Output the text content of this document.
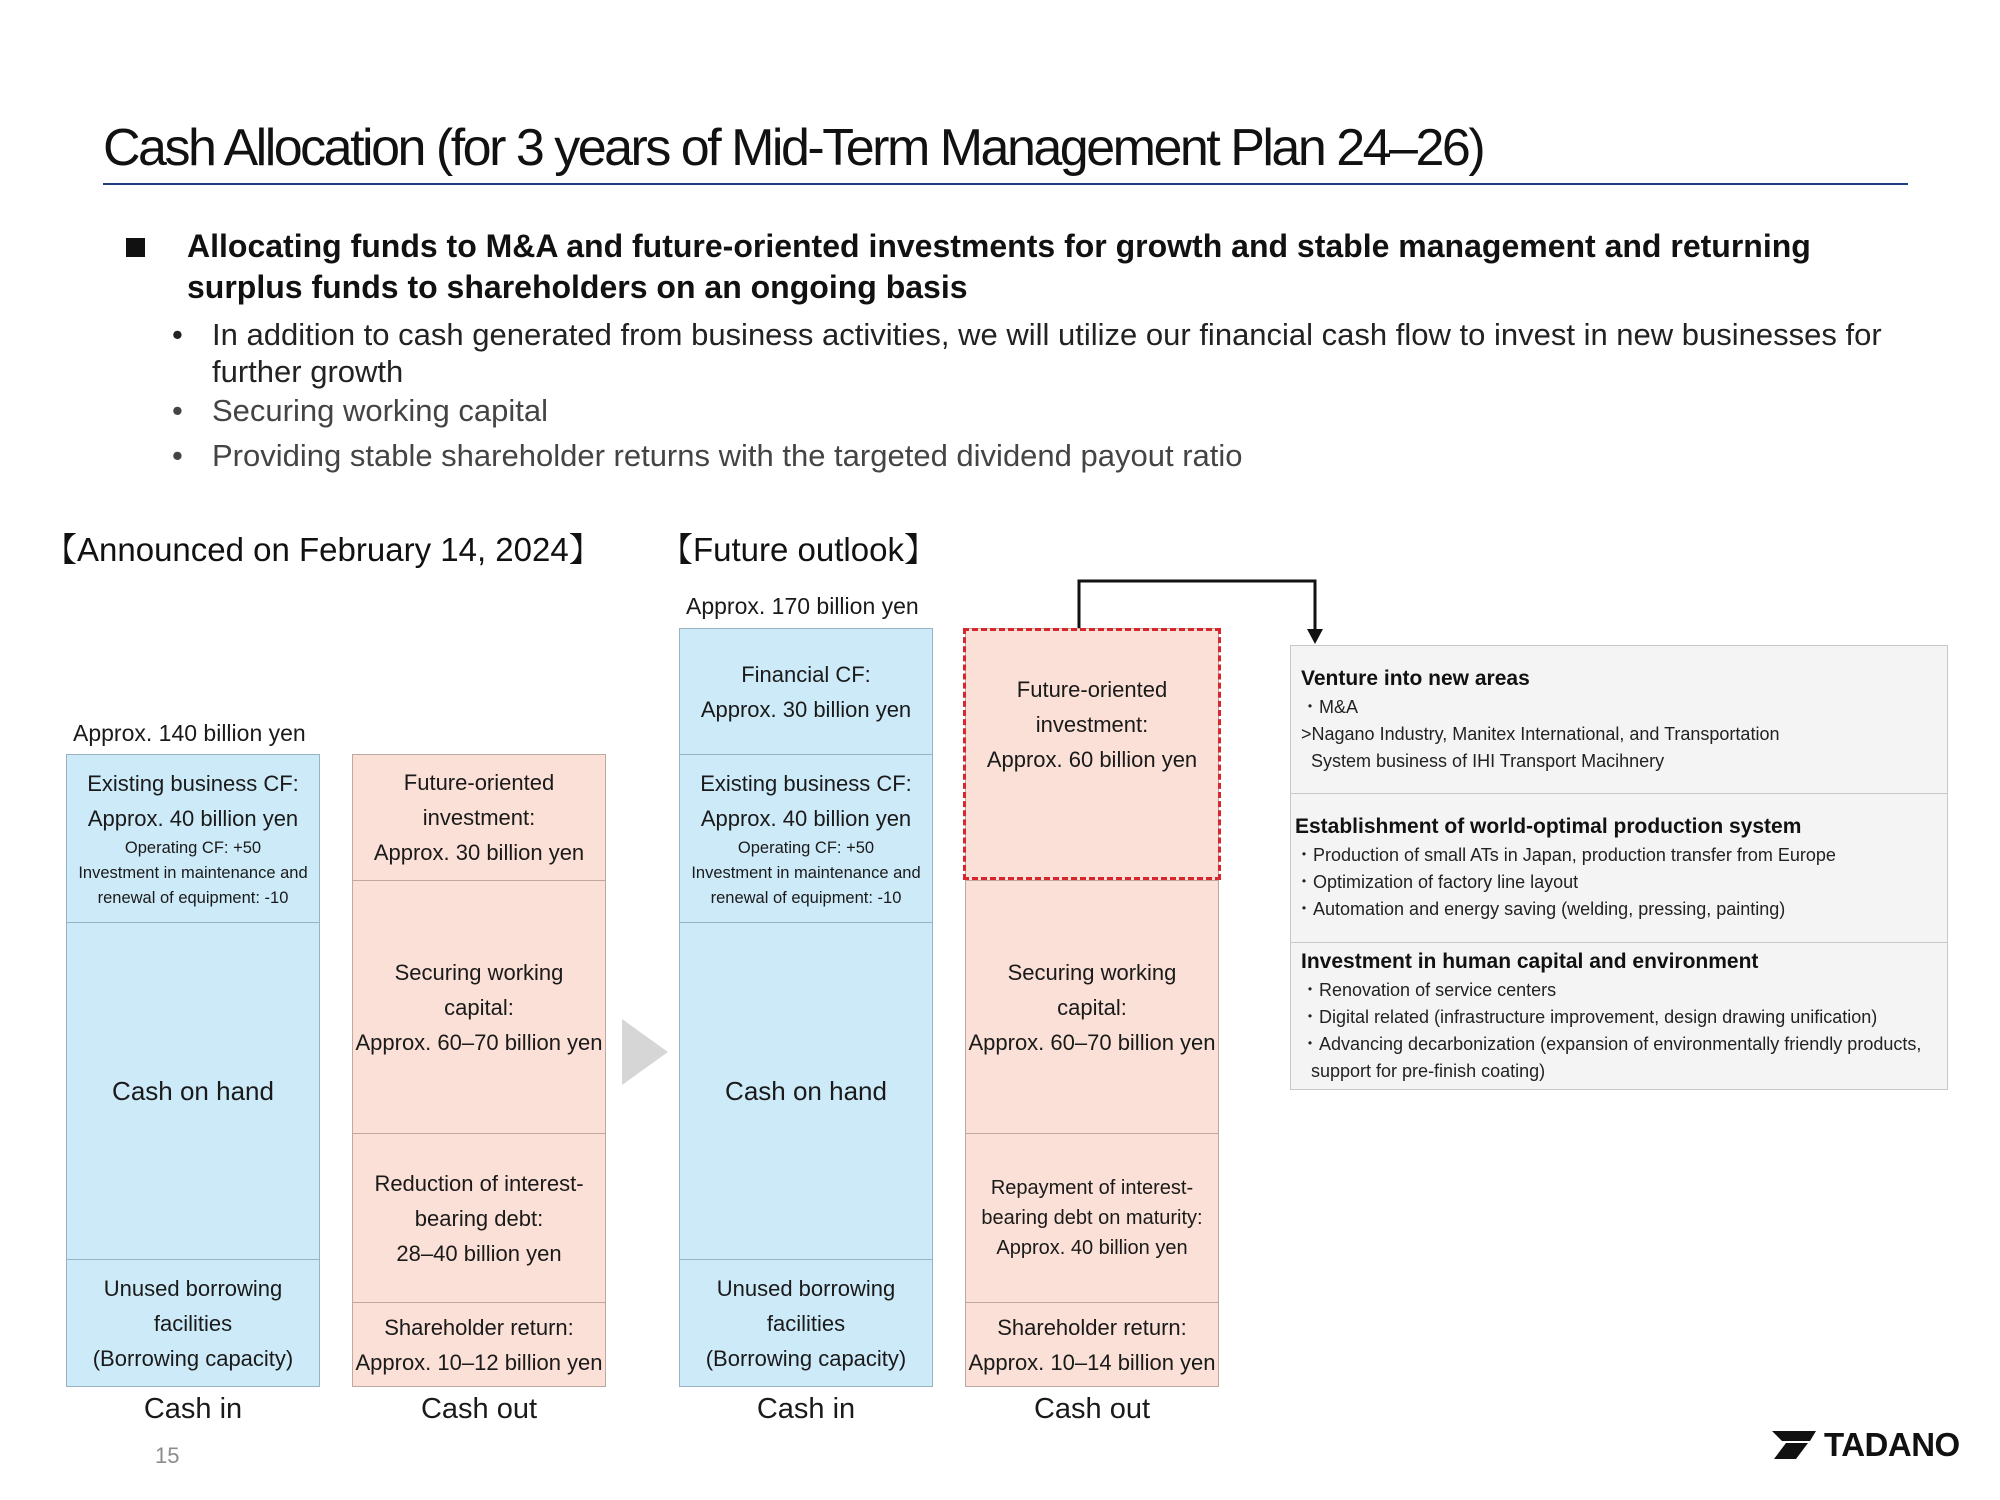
Cash Allocation (for 3 years of Mid-Term Management Plan 24–26)
Allocating funds to M&A and future-oriented investments for growth and stable management and returning surplus funds to shareholders on an ongoing basis
• In addition to cash generated from business activities, we will utilize our financial cash flow to invest in new businesses for further growth
• Securing working capital
• Providing stable shareholder returns with the targeted dividend payout ratio
【Announced on February 14, 2024】 【Future outlook】
Approx. 140 billion yen
Existing business CF:
Approx. 40 billion yen
Operating CF: +50
Investment in maintenance and
renewal of equipment: -10
Cash on hand
Unused borrowing
facilities
(Borrowing capacity)
Cash in
Future-oriented
investment:
Approx. 30 billion yen
Securing working
capital:
Approx. 60–70 billion yen
Reduction of interest-
bearing debt:
28–40 billion yen
Shareholder return:
Approx. 10–12 billion yen
Cash out
Approx. 170 billion yen
Financial CF:
Approx. 30 billion yen
Existing business CF:
Approx. 40 billion yen
Operating CF: +50
Investment in maintenance and
renewal of equipment: -10
Cash on hand
Unused borrowing
facilities
(Borrowing capacity)
Cash in
Future-oriented
investment:
Approx. 60 billion yen
Securing working
capital:
Approx. 60–70 billion yen
Repayment of interest-
bearing debt on maturity:
Approx. 40 billion yen
Shareholder return:
Approx. 10–14 billion yen
Cash out
Venture into new areas
・M&A
>Nagano Industry, Manitex International, and Transportation
System business of IHI Transport Macihnery
Establishment of world-optimal production system
・Production of small ATs in Japan, production transfer from Europe
・Optimization of factory line layout
・Automation and energy saving (welding, pressing, painting)
Investment in human capital and environment
・Renovation of service centers
・Digital related (infrastructure improvement, design drawing unification)
・Advancing decarbonization (expansion of environmentally friendly products,
support for pre-finish coating)
15	TADANO
